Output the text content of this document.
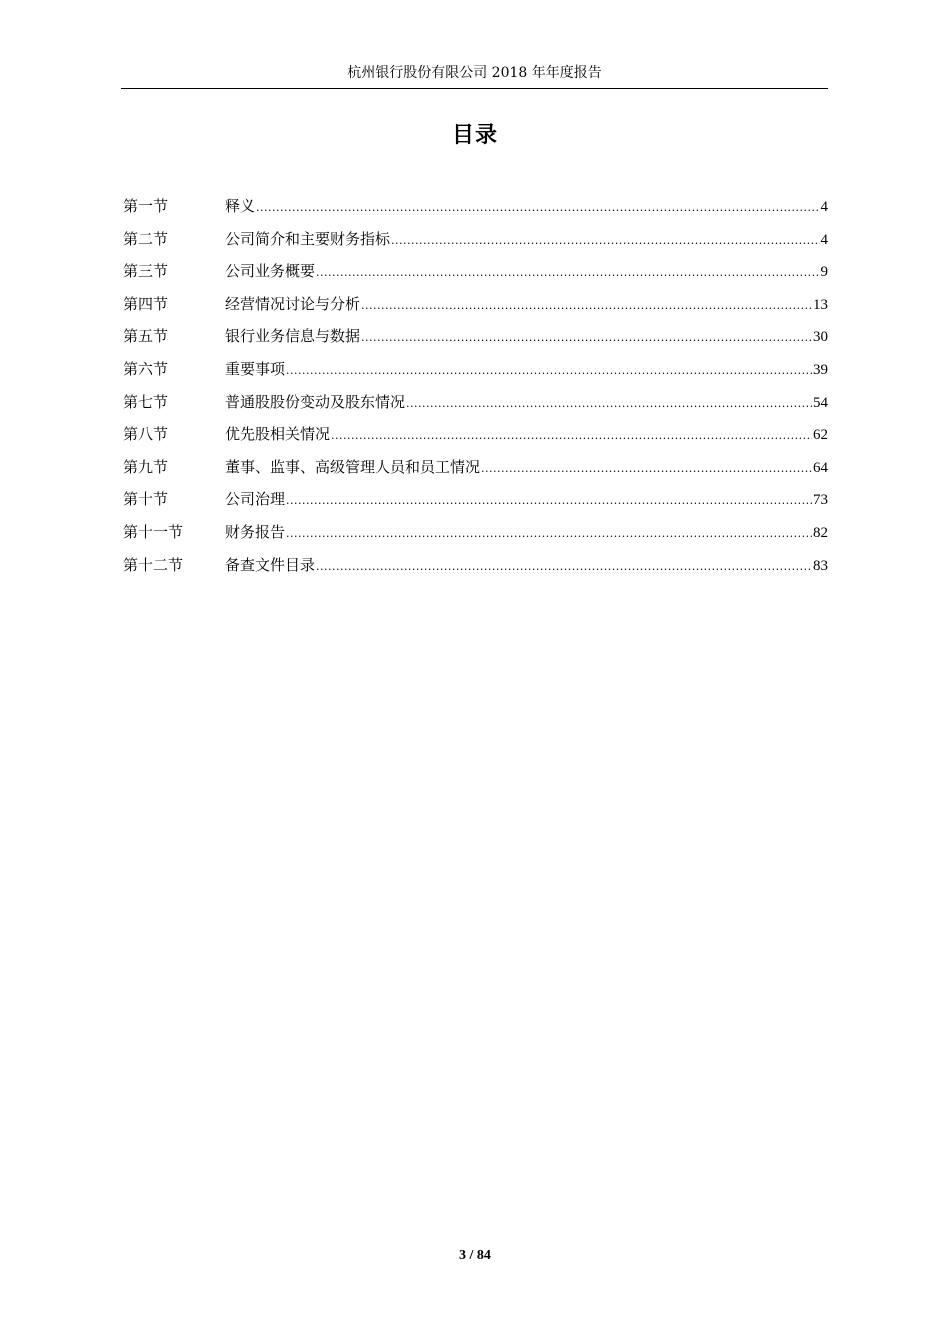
杭州银行股份有限公司 2018 年年度报告
目录
第一节	释义 .....	4
第二节	公司简介和主要财务指标 .....	4
第三节	公司业务概要 .....	9
第四节	经营情况讨论与分析 .....	13
第五节	银行业务信息与数据 .....	30
第六节	重要事项 .....	39
第七节	普通股股份变动及股东情况 .....	54
第八节	优先股相关情况 .....	62
第九节	董事、监事、高级管理人员和员工情况 .....	64
第十节	公司治理 .....	73
第十一节	财务报告 .....	82
第十二节	备查文件目录 .....	83
3 / 84
